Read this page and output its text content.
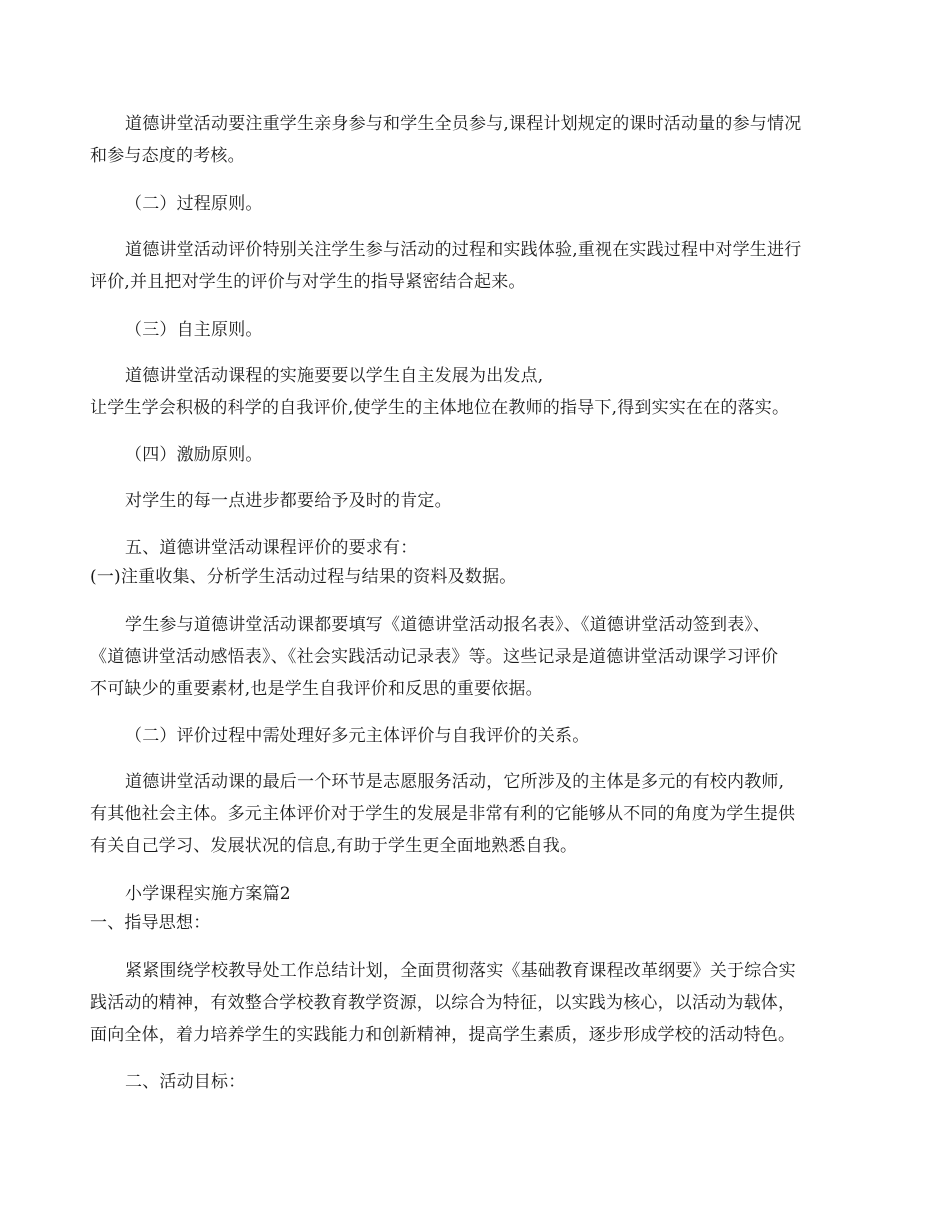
道德讲堂活动要注重学生亲身参与和学生全员参与,课程计划规定的课时活动量的参与情况
和参与态度的考核。
（二）过程原则。
道德讲堂活动评价特别关注学生参与活动的过程和实践体验,重视在实践过程中对学生进行
评价,并且把对学生的评价与对学生的指导紧密结合起来。
（三）自主原则。
道德讲堂活动课程的实施要要以学生自主发展为出发点,
让学生学会积极的科学的自我评价,使学生的主体地位在教师的指导下,得到实实在在的落实。
（四）激励原则。
对学生的每一点进步都要给予及时的肯定。
五、道德讲堂活动课程评价的要求有：
(一)注重收集、分析学生活动过程与结果的资料及数据。
学生参与道德讲堂活动课都要填写《道德讲堂活动报名表》、《道德讲堂活动签到表》、
《道德讲堂活动感悟表》、《社会实践活动记录表》等。这些记录是道德讲堂活动课学习评价
不可缺少的重要素材,也是学生自我评价和反思的重要依据。
（二）评价过程中需处理好多元主体评价与自我评价的关系。
道德讲堂活动课的最后一个环节是志愿服务活动，它所涉及的主体是多元的有校内教师,
有其他社会主体。多元主体评价对于学生的发展是非常有利的它能够从不同的角度为学生提供
有关自己学习、发展状况的信息,有助于学生更全面地熟悉自我。
小学课程实施方案篇2
一、指导思想：
紧紧围绕学校教导处工作总结计划，全面贯彻落实《基础教育课程改革纲要》关于综合实
践活动的精神，有效整合学校教育教学资源，以综合为特征，以实践为核心，以活动为载体，
面向全体，着力培养学生的实践能力和创新精神，提高学生素质，逐步形成学校的活动特色。
二、活动目标：
